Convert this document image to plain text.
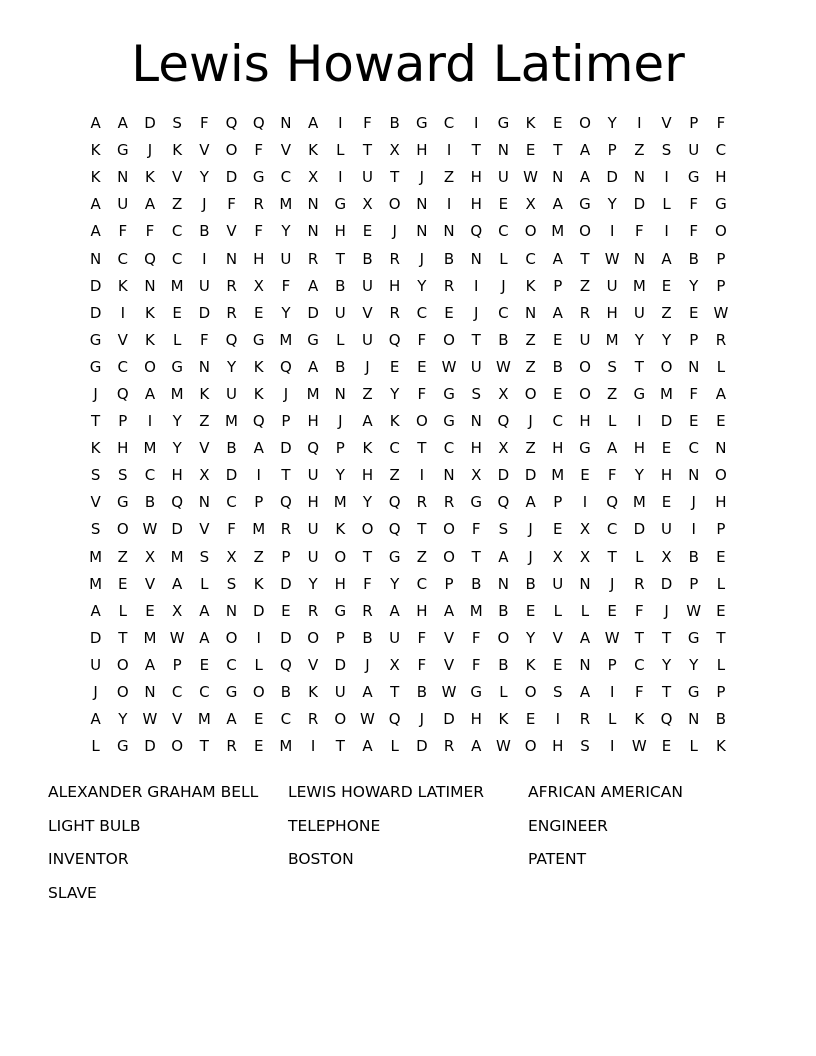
Lewis Howard Latimer
A	A	D	S	F	Q	Q	N	A	I	F	B	G	C	I	G	K	E	O	Y	I	V	P	F
K	G	J	K	V	O	F	V	K	L	T	X	H	I	T	N	E	T	A	P	Z	S	U	C
K	N	K	V	Y	D	G	C	X	I	U	T	J	Z	H	U W N	A	D	N	I	G	H
A	U	A	Z	J	F	R	M	N	G	X	O	N	I	H	E	X	A	G	Y	D	L	F	G
A	F	F	C	B	V	F	Y	N	H	E	J	N	N	Q	C	O M O	I	F	I	F	O
N	C	Q	C	I	N	H	U	R	T	B	R	J	B	N	L	C	A	T	W N	A	B	P
D	K	N	M	U	R	X	F	A	B	U	H	Y	R	I	J	K	P	Z	U	M	E	Y	P
D	I	K	E	D	R	E	Y	D	U	V	R	C	E	J	C	N	A	R	H	U	Z	E	W
G	V	K	L	F	Q	G M G	L	U	Q	F	O	T	B	Z	E	U	M	Y	Y	P	R
G	C	O	G	N	Y	K	Q	A	B	J	E	E	W U W Z	B	O	S	T	O	N	L
J	Q	A	M	K	U	K	J	M	N	Z	Y	F	G	S	X	O	E	O	Z	G M	F	A
T	P	I	Y	Z	M Q	P	H	J	A	K	O	G	N	Q	J	C	H	L	I	D	E	E
K	H	M	Y	V	B	A	D	Q	P	K	C	T	C	H	X	Z	H	G	A	H	E	C	N
S	S	C	H	X	D	I	T	U	Y	H	Z	I	N	X	D	D M	E	F	Y	H	N	O
V	G	B	Q	N	C	P	Q	H	M	Y	Q	R	R	G	Q	A	P	I	Q M	E	J	H
S	O W D	V	F	M	R	U	K	O	Q	T	O	F	S	J	E	X	C	D	U	I	P
M	Z	X	M	S	X	Z	P	U	O	T	G	Z	O	T	A	J	X	X	T	L	X	B	E
M	E	V	A	L	S	K	D	Y	H	F	Y	C	P	B	N	B	U	N	J	R	D	P	L
A	L	E	X	A	N	D	E	R	G	R	A	H	A	M	B	E	L	L	E	F	J	W	E
D	T	M W A	O	I	D	O	P	B	U	F	V	F	O	Y	V	A W	T	T	G	T
U	O	A	P	E	C	L	Q	V	D	J	X	F	V	F	B	K	E	N	P	C	Y	Y	L
J	O	N	C	C	G	O	B	K	U	A	T	B W G	L	O	S	A	I	F	T	G	P
A	Y	W V	M	A	E	C	R	O W Q	J	D	H	K	E	I	R	L	K	Q	N	B
L	G	D	O	T	R	E	M	I	T	A	L	D	R	A W O	H	S	I	W	E	L	K
ALEXANDER GRAHAM BELL	LEWIS HOWARD LATIMER	AFRICAN AMERICAN
LIGHT BULB	TELEPHONE	ENGINEER
INVENTOR	BOSTON	PATENT
SLAVE
